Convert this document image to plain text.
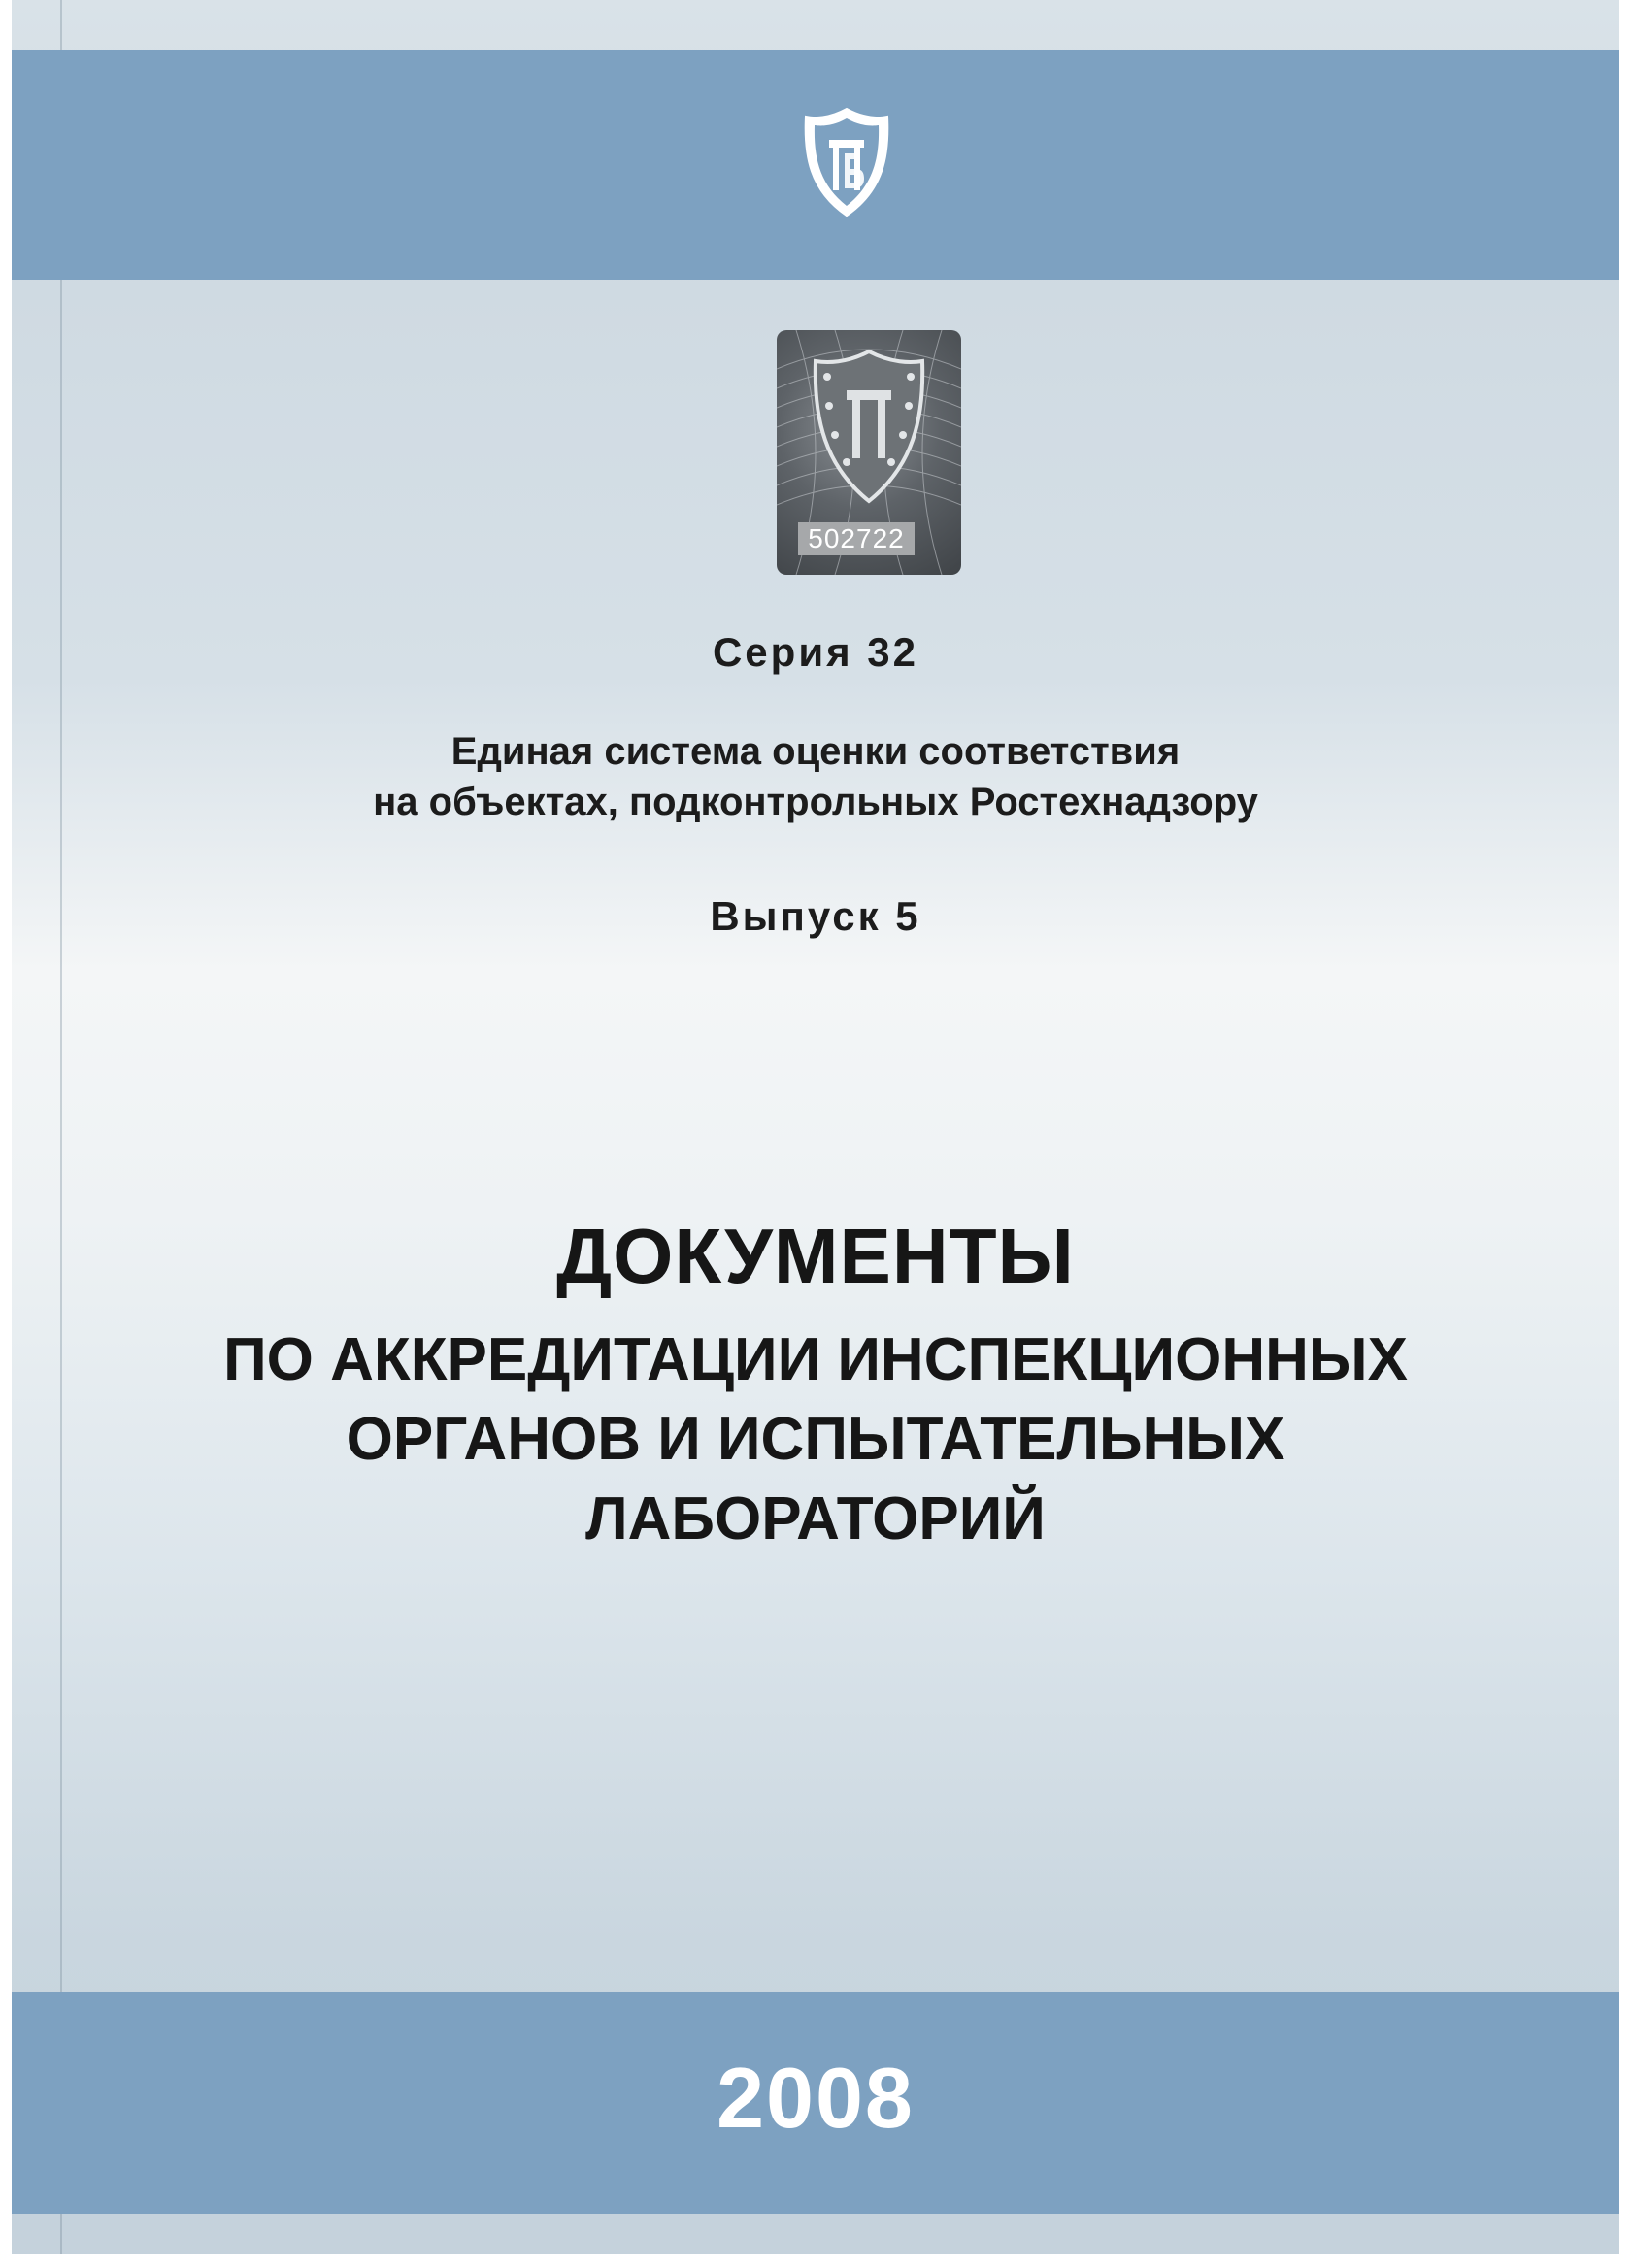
502722
Серия 32
Единая система оценки соответствия
на объектах, подконтрольных Ростехнадзору
Выпуск 5
ДОКУМЕНТЫ
ПО АККРЕДИТАЦИИ ИНСПЕКЦИОННЫХ
ОРГАНОВ И ИСПЫТАТЕЛЬНЫХ
ЛАБОРАТОРИЙ
2008
